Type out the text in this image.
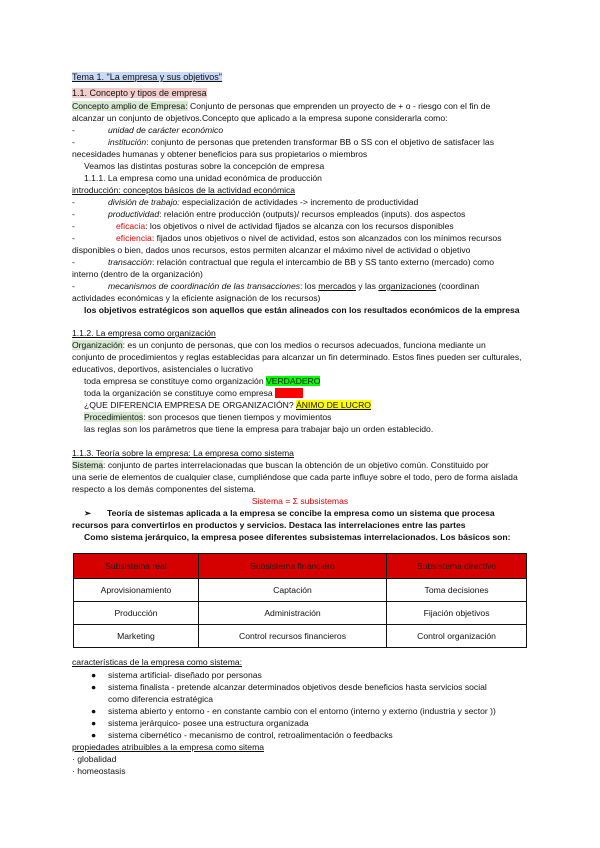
Tema 1. "La empresa y sus objetivos"
1.1. Concepto y tipos de empresa
Concepto amplio de Empresa: Conjunto de personas que emprenden un proyecto de + o - riesgo con el fin de
alcanzar un conjunto de objetivos.Concepto que aplicado a la empresa supone considerarla como:
-	unidad de carácter económico
-	institución: conjunto de personas que pretenden transformar BB o SS con el objetivo de satisfacer las
necesidades humanas y obtener beneficios para sus propietarios o miembros
Veamos las distintas posturas sobre la concepción de empresa
1.1.1. La empresa como una unidad económica de producción
introducción: conceptos básicos de la actividad económica
-	división de trabajo: especialización de actividades -> incremento de productividad
-	productividad: relación entre producción (outputs)/ recursos empleados (inputs). dos aspectos
-	eficacia: los objetivos o nivel de actividad fijados se alcanza con los recursos disponibles
-	eficiencia: fijados unos objetivos o nivel de actividad, estos son alcanzados con los mínimos recursos
disponibles o bien, dados unos recursos, estos permiten alcanzar el máximo nivel de actividad o objetivo
-	transacción: relación contractual que regula el intercambio de BB y SS tanto externo (mercado) como
interno (dentro de la organización)
-	mecanismos de coordinación de las transacciones: los mercados y las organizaciones (coordinan
actividades económicas y la eficiente asignación de los recursos)
los objetivos estratégicos son aquellos que están alineados con los resultados económicos de la empresa
1.1.2. La empresa como organización
Organización: es un conjunto de personas, que con los medios o recursos adecuados, funciona mediante un
conjunto de procedimientos y reglas establecidas para alcanzar un fin determinado. Estos fines pueden ser culturales,
educativos, deportivos, asistenciales o lucrativo
toda empresa se constituye como organización VERDADERO
toda la organización se constituye como empresa FALSO
¿QUE DIFERENCIA EMPRESA DE ORGANIZACIÓN? ÁNIMO DE LUCRO
Procedimientos: son procesos que tienen tiempos y movimientos
las reglas son los parámetros que tiene la empresa para trabajar bajo un orden establecido.
1.1.3. Teoría sobre la empresa: La empresa como sistema
Sistema: conjunto de partes interrelacionadas que buscan la obtención de un objetivo común. Constituido por
una serie de elementos de cualquier clase, cumpliéndose que cada parte influye sobre el todo, pero de forma aislada
respecto a los demás componentes del sistema.
Sistema = Σ subsistemas
➢ Teoría de sistemas aplicada a la empresa se concibe la empresa como un sistema que procesa
recursos para convertirlos en productos y servicios. Destaca las interrelaciones entre las partes
Como sistema jerárquico, la empresa posee diferentes subsistemas interrelacionados. Los básicos son:
Subsistema real	Subsistema financiero	Subsistema directivo
Aprovisionamiento	Captación	Toma decisiones
Producción	Administración	Fijación objetivos
Marketing	Control recursos financieros	Control organización
características de la empresa como sistema:
● sistema artificial- diseñado por personas
● sistema finalista - pretende alcanzar determinados objetivos desde beneficios hasta servicios social
como diferencia estratégica
● sistema abierto y entorno - en constante cambio con el entorno (interno y externo (industria y sector ))
● sistema jerárquico- posee una estructura organizada
● sistema cibernético - mecanismo de control, retroalimentación o feedbacks
propiedades atribuibles a la empresa como sitema
· globalidad
· homeostasis
